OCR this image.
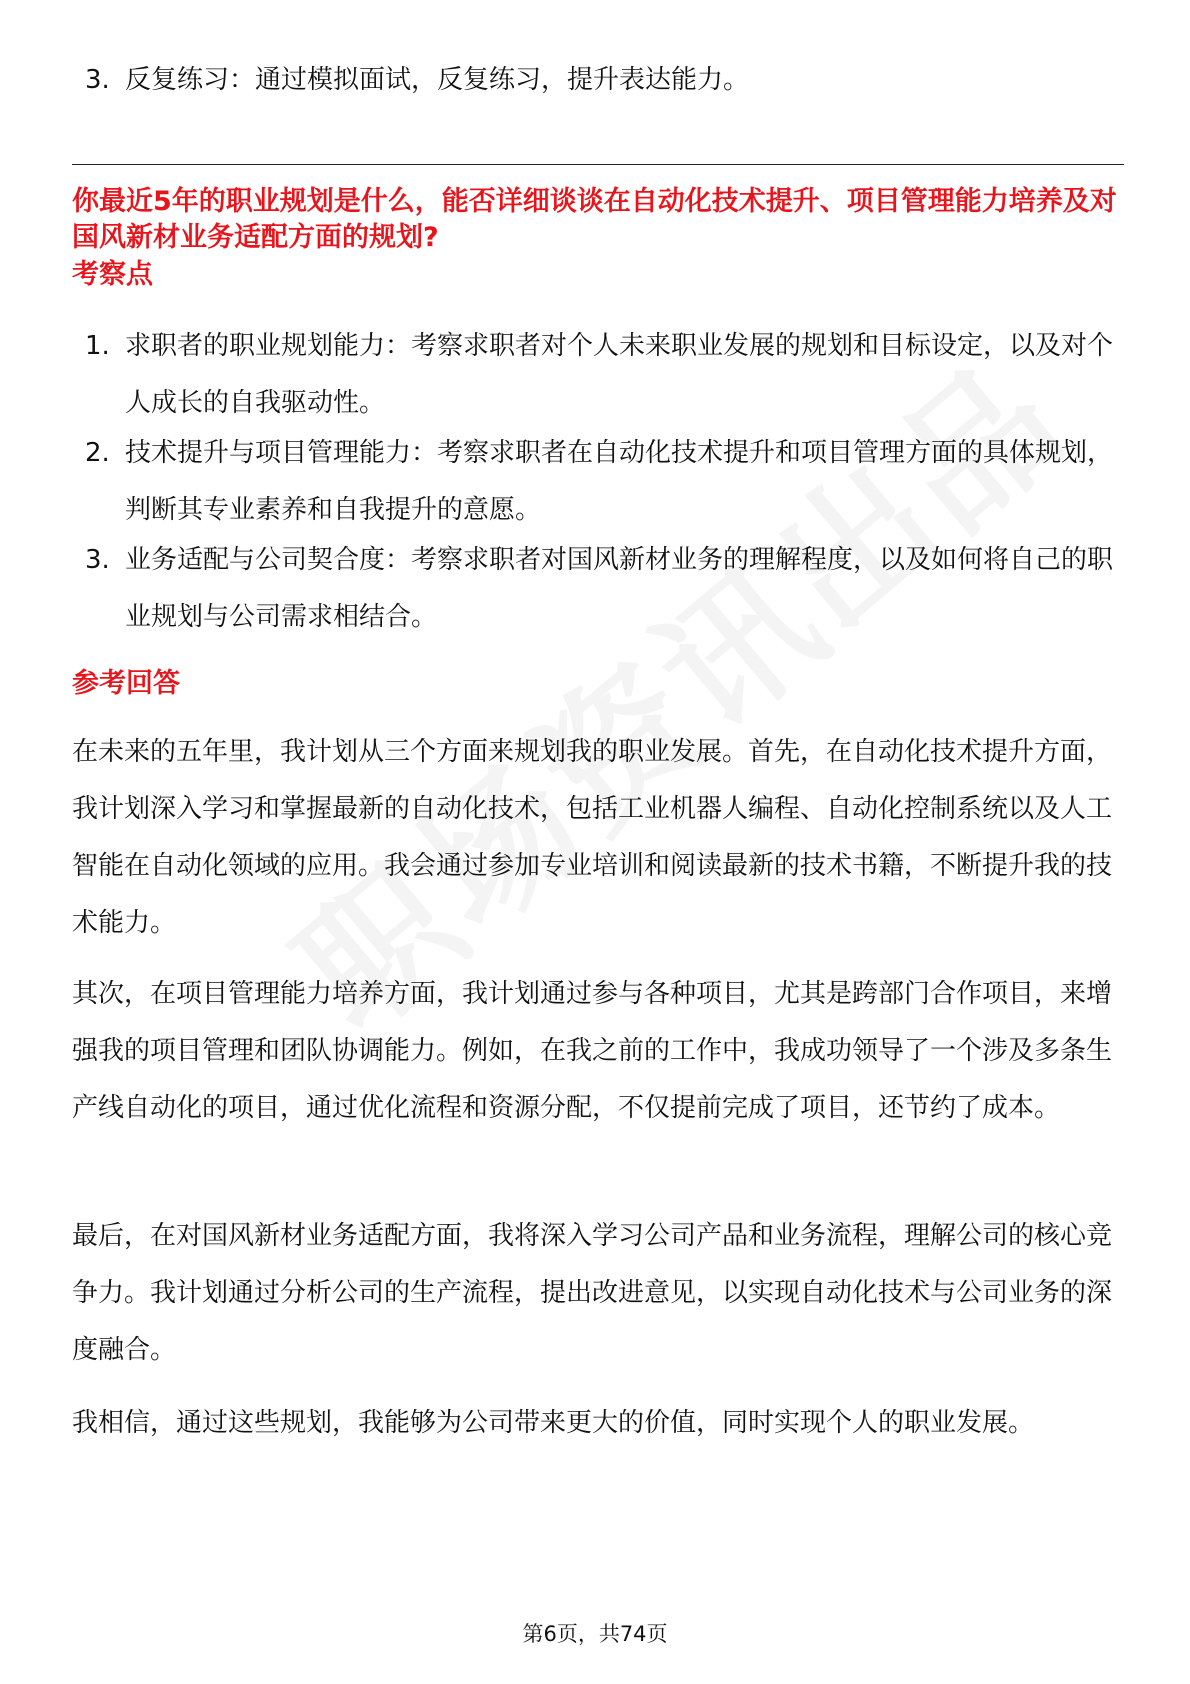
3. 反复练习：通过模拟面试，反复练习，提升表达能力。
你最近5年的职业规划是什么，能否详细谈谈在自动化技术提升、项目管理能力培养及对国风新材业务适配方面的规划?
考察点
1. 求职者的职业规划能力：考察求职者对个人未来职业发展的规划和目标设定，以及对个人成长的自我驱动性。
2. 技术提升与项目管理能力：考察求职者在自动化技术提升和项目管理方面的具体规划，判断其专业素养和自我提升的意愿。
3. 业务适配与公司契合度：考察求职者对国风新材业务的理解程度，以及如何将自己的职业规划与公司需求相结合。
参考回答
在未来的五年里，我计划从三个方面来规划我的职业发展。首先，在自动化技术提升方面，我计划深入学习和掌握最新的自动化技术，包括工业机器人编程、自动化控制系统以及人工智能在自动化领域的应用。我会通过参加专业培训和阅读最新的技术书籍，不断提升我的技术能力。
其次，在项目管理能力培养方面，我计划通过参与各种项目，尤其是跨部门合作项目，来增强我的项目管理和团队协调能力。例如，在我之前的工作中，我成功领导了一个涉及多条生产线自动化的项目，通过优化流程和资源分配，不仅提前完成了项目，还节约了成本。
最后，在对国风新材业务适配方面，我将深入学习公司产品和业务流程，理解公司的核心竞争力。我计划通过分析公司的生产流程，提出改进意见，以实现自动化技术与公司业务的深度融合。
我相信，通过这些规划，我能够为公司带来更大的价值，同时实现个人的职业发展。
第6页，共74页
